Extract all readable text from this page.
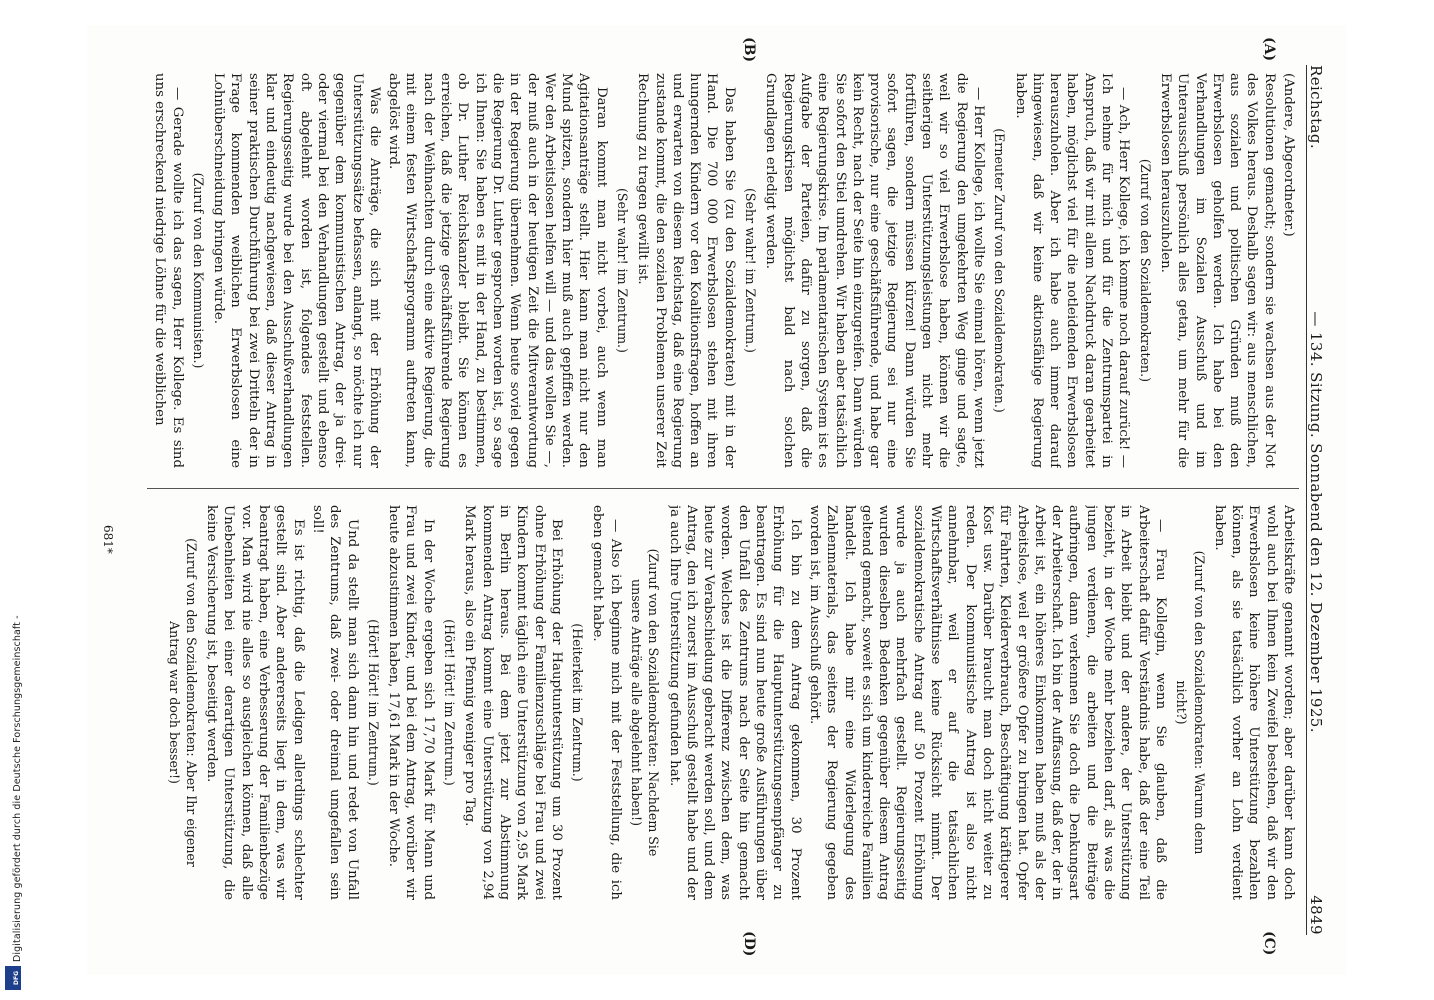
Reichstag.
— 134. Sitzung. Sonnabend den 12. Dezember 1925.
4849
(A)
(B)
(C)
(D)

(Andere, Abgeordneter.)

Resolutionen gemacht; sondern sie wachsen aus der Not des Volkes heraus. Deshalb sagen wir: aus menschlichen, aus sozialen und politischen Gründen muß den Erwerbslosen geholfen werden. Ich habe bei den Verhandlungen im Sozialen Ausschuß und im Unterausschuß persönlich alles getan, um mehr für die Erwerbslosen herauszuholen.

(Zuruf von den Sozialdemokraten.)

— Ach, Herr Kollege, ich komme noch darauf zurück! — Ich nehme für mich und für die Zentrumspartei in Anspruch, daß wir mit allem Nachdruck daran gearbeitet haben, möglichst viel für die notleidenden Erwerbslosen herauszuholen. Aber ich habe auch immer darauf hingewiesen, daß wir keine aktionsfähige Regierung haben.

(Erneuter Zuruf von den Sozialdemokraten.)

— Herr Kollege, ich wollte Sie einmal hören, wenn jetzt die Regierung den umgekehrten Weg ginge und sagte, weil wir so viel Erwerbslose haben, können wir die seitherigen Unterstützungsleistungen nicht mehr fortführen, sondern müssen kürzen! Dann würden Sie sofort sagen, die jetzige Regierung sei nur eine provisorische, nur eine geschäftsführende, und habe gar kein Recht, nach der Seite hin einzugreifen. Dann würden Sie sofort den Stiel umdrehen. Wir haben aber tatsächlich eine Regierungskrise. Im parlamentarischen System ist es Aufgabe der Parteien, dafür zu sorgen, daß die Regierungskrisen möglichst bald nach solchen Grundlagen erledigt werden.

(Sehr wahr! im Zentrum.)

Das haben Sie (zu den Sozialdemokraten) mit in der Hand. Die 700 000 Erwerbslosen stehen mit ihren hungernden Kindern vor den Koalitionsfragen, hoffen an und erwarten von diesem Reichstag, daß eine Regierung zustande kommt, die den sozialen Problemen unserer Zeit Rechnung zu tragen gewillt ist.

(Sehr wahr! im Zentrum.)

Daran kommt man nicht vorbei, auch wenn man Agitationsanträge stellt. Hier kann man nicht nur den Mund spitzen, sondern hier muß auch gepfiffen werden. Wer den Arbeitslosen helfen will — und das wollen Sie —, der muß auch in der heutigen Zeit die Mitverantwortung in der Regierung übernehmen. Wenn heute soviel gegen die Regierung Dr. Luther gesprochen worden ist, so sage ich Ihnen: Sie haben es mit in der Hand, zu bestimmen, ob Dr. Luther Reichskanzler bleibt. Sie können es erreichen, daß die jetzige geschäftsführende Regierung nach der Weihnachten durch eine aktive Regierung, die mit einem festen Wirtschaftsprogramm auftreten kann, abgelöst wird.

Was die Anträge, die sich mit der Erhöhung der Unterstützungssätze befassen, anlangt, so möchte ich nur gegenüber dem kommunistischen Antrag, der ja drei- oder viermal bei den Verhandlungen gestellt und ebenso oft abgelehnt worden ist, folgendes feststellen. Regierungsseitig wurde bei den Ausschußverhandlungen klar und eindeutig nachgewiesen, daß dieser Antrag in seiner praktischen Durchführung bei zwei Dritteln der in Frage kommenden weiblichen Erwerbslosen eine Lohnüberschneidung bringen würde.

(Zuruf von den Kommunisten.)

— Gerade wollte ich das sagen, Herr Kollege. Es sind uns erschreckend niedrige Löhne für die weiblichen

Arbeitskräfte genannt worden; aber darüber kann doch wohl auch bei Ihnen kein Zweifel bestehen, daß wir den Erwerbslosen keine höhere Unterstützung bezahlen können, als sie tatsächlich vorher an Lohn verdient haben.

(Zuruf von den Sozialdemokraten: Warum denn nicht?)

— Frau Kollegin, wenn Sie glauben, daß die Arbeiterschaft dafür Verständnis habe, daß der eine Teil in Arbeit bleibt und der andere, der Unterstützung bezieht, in der Woche mehr beziehen darf, als was die jungen verdienen, die arbeiten und die Beiträge aufbringen, dann verkennen Sie doch die Denkungsart der Arbeiterschaft. Ich bin der Auffassung, daß der, der in Arbeit ist, ein höheres Einkommen haben muß als der Arbeitslose, weil er größere Opfer zu bringen hat. Opfer für Fahrten, Kleiderverbrauch, Beschäftigung kräftigerer Kost usw. Darüber braucht man doch nicht weiter zu reden. Der kommunistische Antrag ist also nicht annehmbar, weil er auf die tatsächlichen Wirtschaftsverhältnisse keine Rücksicht nimmt. Der sozialdemokratische Antrag auf 50 Prozent Erhöhung wurde ja auch mehrfach gestellt. Regierungsseitig wurden dieselben Bedenken gegenüber diesem Antrag geltend gemacht, soweit es sich um kinderreiche Familien handelt. Ich habe mir eine Widerlegung des Zahlenmaterials, das seitens der Regierung gegeben worden ist, im Ausschuß gehört.

Ich bin zu dem Antrag gekommen, 30 Prozent Erhöhung für die Hauptunterstützungsempfänger zu beantragen. Es sind nun heute große Ausführungen über den Unfall des Zentrums nach der Seite hin gemacht worden. Welches ist die Differenz zwischen dem, was heute zur Verabschiedung gebracht werden soll, und dem Antrag, den ich zuerst im Ausschuß gestellt habe und der ja auch Ihre Unterstützung gefunden hat.

(Zuruf von den Sozialdemokraten: Nachdem Sie unsere Anträge alle abgelehnt haben!)

— Also ich beginne mich mit der Feststellung, die ich eben gemacht habe.

(Heiterkeit im Zentrum.)

Bei Erhöhung der Hauptunterstützung um 30 Prozent ohne Erhöhung der Familienzuschläge bei Frau und zwei Kindern kommt täglich eine Unterstützung von 2,95 Mark in Berlin heraus. Bei dem jetzt zur Abstimmung kommenden Antrag kommt eine Unterstützung von 2,94 Mark heraus, also ein Pfennig weniger pro Tag.

(Hört! Hört! im Zentrum.)

In der Woche ergeben sich 17,70 Mark für Mann und Frau und zwei Kinder, und bei dem Antrag, worüber wir heute abzustimmen haben, 17,61 Mark in der Woche.

(Hört! Hört! im Zentrum.)

Und da stellt man sich dann hin und redet von Unfall des Zentrums, daß zwei- oder dreimal umgefallen sein soll!

Es ist richtig, daß die Ledigen allerdings schlechter gestellt sind. Aber andererseits liegt in dem, was wir beantragt haben, eine Verbesserung der Familienbezüge vor. Man wird nie alles so ausgleichen können, daß alle Unebenheiten bei einer derartigen Unterstützung, die keine Versicherung ist, beseitigt werden.

(Zuruf von den Sozialdemokraten: Aber Ihr eigener Antrag war doch besser!)

681*
DFG
Digitalisierung gefördert durch die Deutsche Forschungsgemeinschaft -
